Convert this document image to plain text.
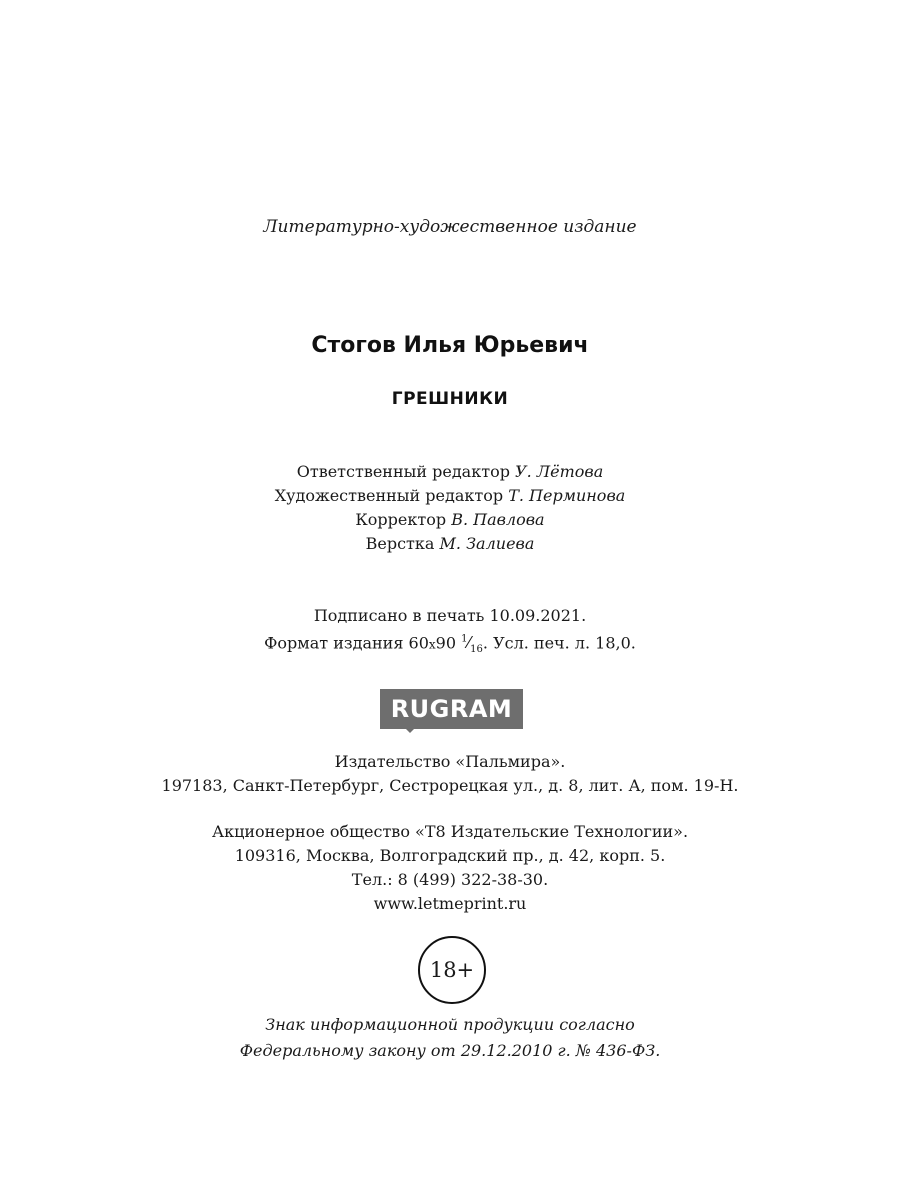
Литературно-художественное издание
Стогов Илья Юрьевич
ГРЕШНИКИ
Ответственный редактор У. Лётова
Художественный редактор Т. Перминова
Корректор В. Павлова
Верстка М. Залиева
Подписано в печать 10.09.2021.
Формат издания 60x90 $^1⁄_{16}$. Усл. печ. л. 18,0.
RUGRAM
Издательство «Пальмира».
197183, Санкт-Петербург, Сестрорецкая ул., д. 8, лит. А, пом. 19-Н.
Акционерное общество «Т8 Издательские Технологии».
109316, Москва, Волгоградский пр., д. 42, корп. 5.
Тел.: 8 (499) 322-38-30.
www.letmeprint.ru
18+
Знак информационной продукции согласно
Федеральному закону от 29.12.2010 г. № 436-ФЗ.
